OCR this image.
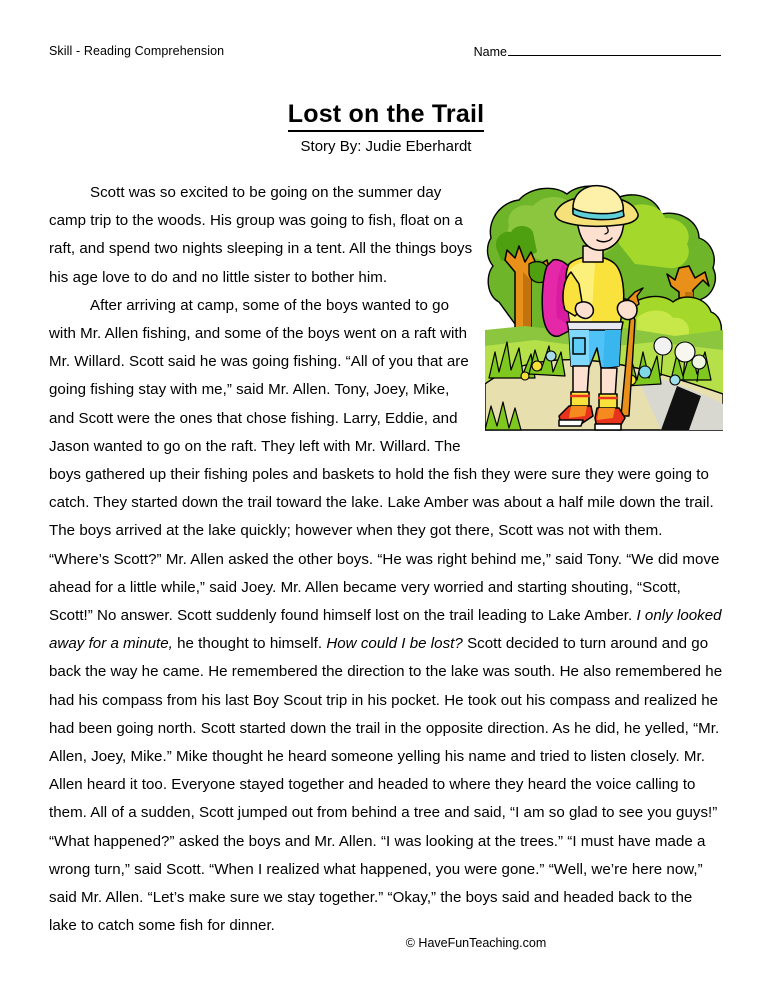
Skill - Reading Comprehension	Name
Lost on the Trail
Story By: Judie Eberhardt

Scott was so excited to be going on the summer day camp trip to the woods. His group was going to fish, float on a raft, and spend two nights sleeping in a tent. All the things boys his age love to do and no little sister to bother him.

After arriving at camp, some of the boys wanted to go with Mr. Allen fishing, and some of the boys went on a raft with Mr. Willard. Scott said he was going fishing. “All of you that are going fishing stay with me,” said Mr. Allen. Tony, Joey, Mike, and Scott were the ones that chose fishing. Larry, Eddie, and Jason wanted to go on the raft. They left with Mr. Willard. The boys gathered up their fishing poles and baskets to hold the fish they were sure they were going to catch. They started down the trail toward the lake. Lake Amber was about a half mile down the trail. The boys arrived at the lake quickly; however when they got there, Scott was not with them. “Where’s Scott?” Mr. Allen asked the other boys. “He was right behind me,” said Tony. “We did move ahead for a little while,” said Joey. Mr. Allen became very worried and starting shouting, “Scott, Scott!” No answer. Scott suddenly found himself lost on the trail leading to Lake Amber. I only looked away for a minute, he thought to himself. How could I be lost? Scott decided to turn around and go back the way he came. He remembered the direction to the lake was south. He also remembered he had his compass from his last Boy Scout trip in his pocket. He took out his compass and realized he had been going north. Scott started down the trail in the opposite direction. As he did, he yelled, “Mr. Allen, Joey, Mike.” Mike thought he heard someone yelling his name and tried to listen closely. Mr. Allen heard it too. Everyone stayed together and headed to where they heard the voice calling to them. All of a sudden, Scott jumped out from behind a tree and said, “I am so glad to see you guys!” “What happened?” asked the boys and Mr. Allen. “I was looking at the trees.” “I must have made a wrong turn,” said Scott. “When I realized what happened, you were gone.” “Well, we’re here now,” said Mr. Allen. “Let’s make sure we stay together.” “Okay,” the boys said and headed back to the lake to catch some fish for dinner.

© HaveFunTeaching.com
